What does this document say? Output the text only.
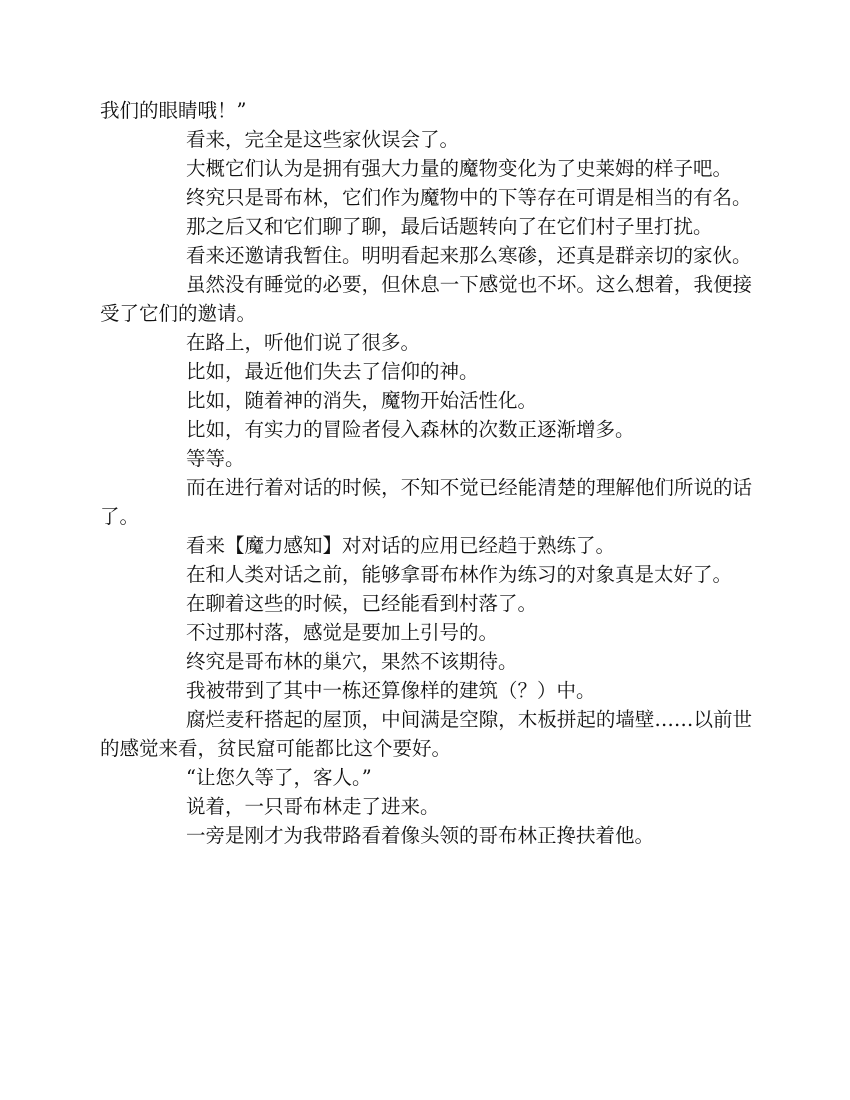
我们的眼睛哦！”

看来，完全是这些家伙误会了。

大概它们认为是拥有强大力量的魔物变化为了史莱姆的样子吧。

终究只是哥布林，它们作为魔物中的下等存在可谓是相当的有名。

那之后又和它们聊了聊，最后话题转向了在它们村子里打扰。

看来还邀请我暂住。明明看起来那么寒碜，还真是群亲切的家伙。

虽然没有睡觉的必要，但休息一下感觉也不坏。这么想着，我便接受了它们的邀请。

在路上，听他们说了很多。

比如，最近他们失去了信仰的神。

比如，随着神的消失，魔物开始活性化。

比如，有实力的冒险者侵入森林的次数正逐渐增多。

等等。

而在进行着对话的时候，不知不觉已经能清楚的理解他们所说的话了。

看来【魔力感知】对对话的应用已经趋于熟练了。

在和人类对话之前，能够拿哥布林作为练习的对象真是太好了。

在聊着这些的时候，已经能看到村落了。

不过那村落，感觉是要加上引号的。

终究是哥布林的巢穴，果然不该期待。

我被带到了其中一栋还算像样的建筑（？）中。

腐烂麦秆搭起的屋顶，中间满是空隙，木板拼起的墙壁……以前世的感觉来看，贫民窟可能都比这个要好。

“让您久等了，客人。”

说着，一只哥布林走了进来。

一旁是刚才为我带路看着像头领的哥布林正搀扶着他。
